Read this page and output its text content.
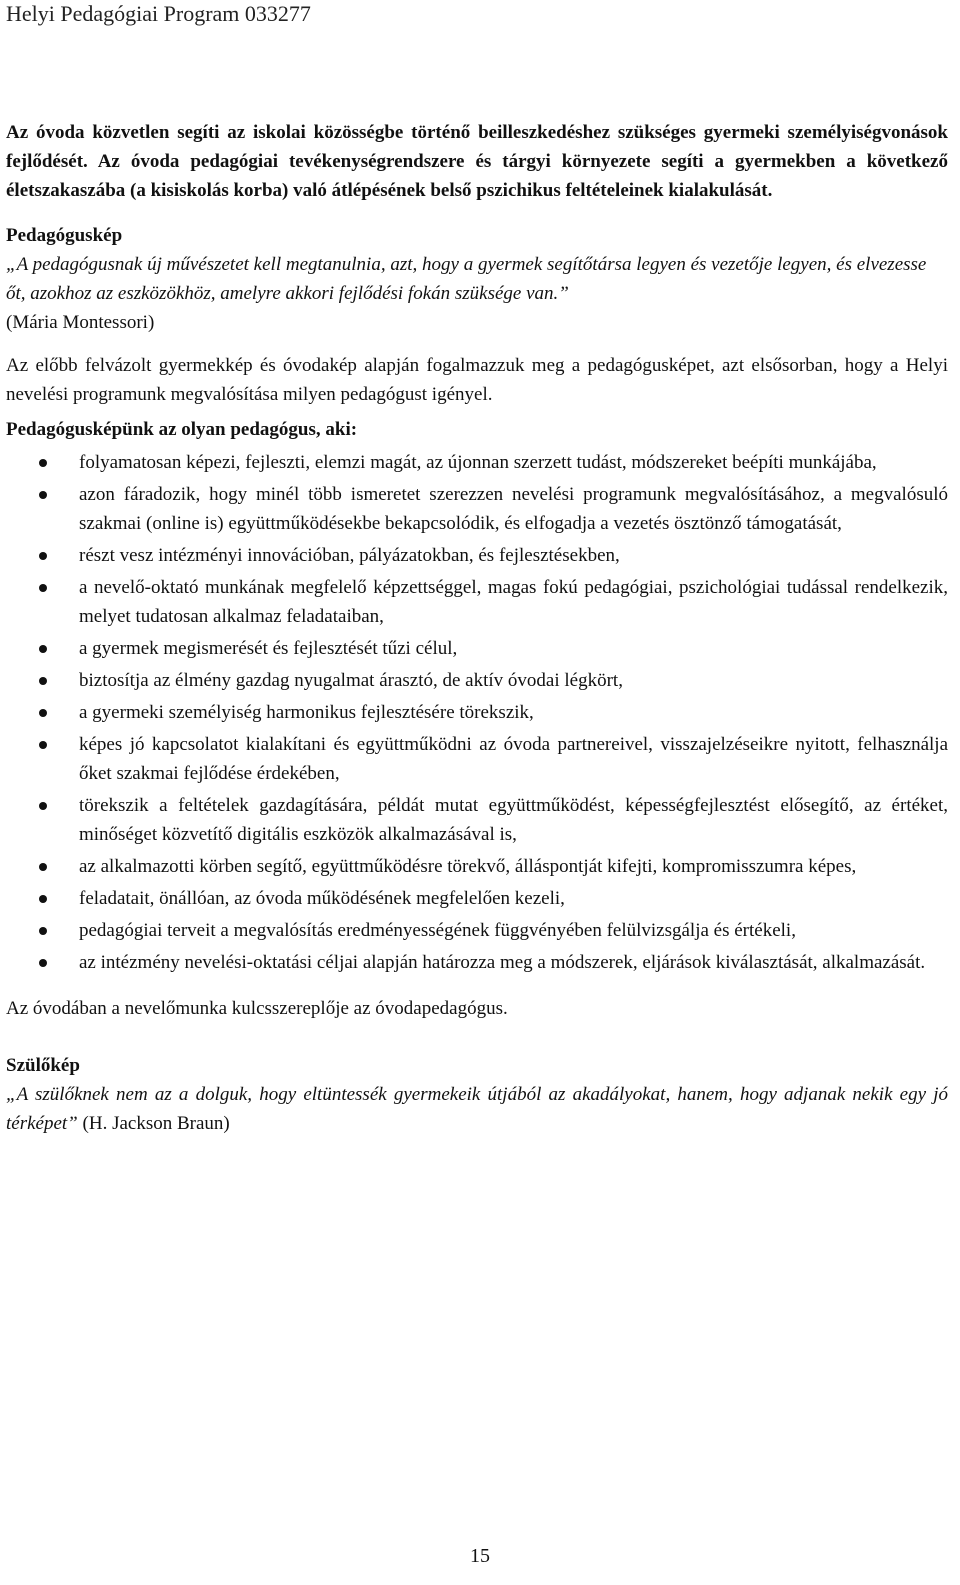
Helyi Pedagógiai Program 033277

Az óvoda közvetlen segíti az iskolai közösségbe történő beilleszkedéshez szükséges gyermeki személyiségvonások fejlődését. Az óvoda pedagógiai tevékenységrendszere és tárgyi környezete segíti a gyermekben a következő életszakaszába (a kisiskolás korba) való átlépésének belső pszichikus feltételeinek kialakulását.

Pedagóguskép

„A pedagógusnak új művészetet kell megtanulnia, azt, hogy a gyermek segítőtársa legyen és vezetője legyen, és elvezesse őt, azokhoz az eszközökhöz, amelyre akkori fejlődési fokán szüksége van.”

(Mária Montessori)

Az előbb felvázolt gyermekkép és óvodakép alapján fogalmazzuk meg a pedagógusképet, azt elsősorban, hogy a Helyi nevelési programunk megvalósítása milyen pedagógust igényel.

Pedagógusképünk az olyan pedagógus, aki:

folyamatosan képezi, fejleszti, elemzi magát, az újonnan szerzett tudást, módszereket beépíti munkájába,
azon fáradozik, hogy minél több ismeretet szerezzen nevelési programunk megvalósításához, a megvalósuló szakmai (online is) együttműködésekbe bekapcsolódik, és elfogadja a vezetés ösztönző támogatását,
részt vesz intézményi innovációban, pályázatokban, és fejlesztésekben,
a nevelő-oktató munkának megfelelő képzettséggel, magas fokú pedagógiai, pszichológiai tudással rendelkezik, melyet tudatosan alkalmaz feladataiban,
a gyermek megismerését és fejlesztését tűzi célul,
biztosítja az élmény gazdag nyugalmat árasztó, de aktív óvodai légkört,
a gyermeki személyiség harmonikus fejlesztésére törekszik,
képes jó kapcsolatot kialakítani és együttműködni az óvoda partnereivel, visszajelzéseikre nyitott, felhasználja őket szakmai fejlődése érdekében,
törekszik a feltételek gazdagítására, példát mutat együttműködést, képességfejlesztést elősegítő, az értéket, minőséget közvetítő digitális eszközök alkalmazásával is,
az alkalmazotti körben segítő, együttműködésre törekvő, álláspontját kifejti, kompromisszumra képes,
feladatait, önállóan, az óvoda működésének megfelelően kezeli,
pedagógiai terveit a megvalósítás eredményességének függvényében felülvizsgálja és értékeli,
az intézmény nevelési-oktatási céljai alapján határozza meg a módszerek, eljárások kiválasztását, alkalmazását.

Az óvodában a nevelőmunka kulcsszereplője az óvodapedagógus.

Szülőkép

„A szülőknek nem az a dolguk, hogy eltüntessék gyermekeik útjából az akadályokat, hanem, hogy adjanak nekik egy jó térképet” (H. Jackson Braun)

15
